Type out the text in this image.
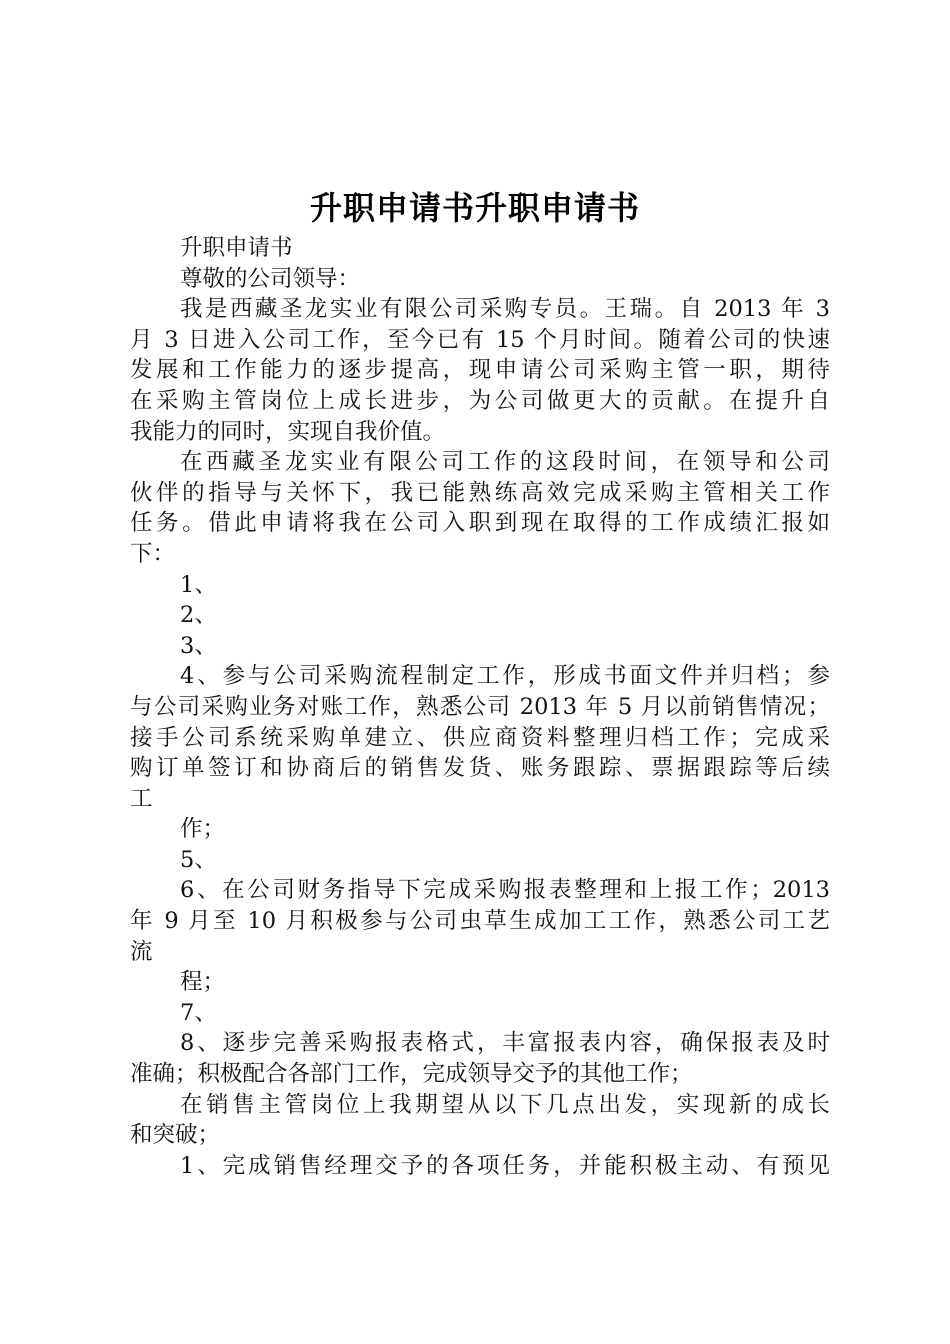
升职申请书升职申请书
升职申请书
尊敬的公司领导：
我是西藏圣龙实业有限公司采购专员。王瑞。自 2013 年 3
月 3 日进入公司工作，至今已有 15 个月时间。随着公司的快速
发展和工作能力的逐步提高，现申请公司采购主管一职，期待
在采购主管岗位上成长进步，为公司做更大的贡献。在提升自
我能力的同时，实现自我价值。
在西藏圣龙实业有限公司工作的这段时间，在领导和公司
伙伴的指导与关怀下，我已能熟练高效完成采购主管相关工作
任务。借此申请将我在公司入职到现在取得的工作成绩汇报如
下：
1、
2、
3、
4、参与公司采购流程制定工作，形成书面文件并归档；参
与公司采购业务对账工作，熟悉公司 2013 年 5 月以前销售情况；
接手公司系统采购单建立、供应商资料整理归档工作；完成采
购订单签订和协商后的销售发货、账务跟踪、票据跟踪等后续
工
作；
5、
6、在公司财务指导下完成采购报表整理和上报工作；2013
年 9 月至 10 月积极参与公司虫草生成加工工作，熟悉公司工艺
流
程；
7、
8、逐步完善采购报表格式，丰富报表内容，确保报表及时
准确；积极配合各部门工作，完成领导交予的其他工作；
在销售主管岗位上我期望从以下几点出发，实现新的成长
和突破；
1、完成销售经理交予的各项任务，并能积极主动、有预见
